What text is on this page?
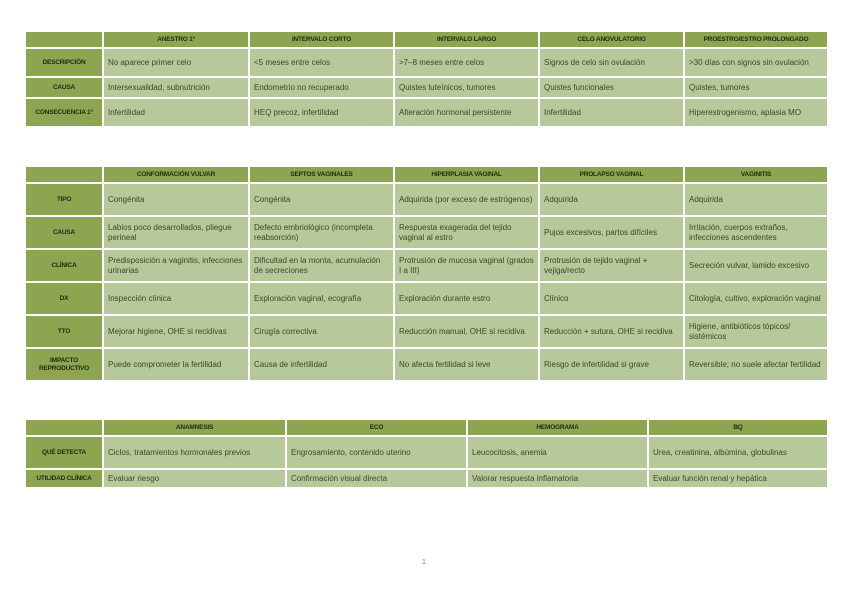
	ANESTRO 1º	INTERVALO CORTO	INTERVALO LARGO	CELO ANOVULATORIO	PROESTRO/ESTRO PROLONGADO
DESCRIPCIÓN	No aparece primer celo	<5 meses entre celos	>7–8 meses entre celos	Signos de celo sin ovulación	>30 días con signos sin ovulación
CAUSA	Intersexualidad, subnutrición	Endometrio no recuperado	Quistes luteínicos, tumores	Quistes funcionales	Quistes, tumores
CONSECUENCIA 1º	Infertilidad	HEQ precoz, infertilidad	Alteración hormonal persistente	Infertilidad	Hiperestrogenismo, aplasia MO
	CONFORMACIÓN VULVAR	SEPTOS VAGINALES	HIPERPLASIA VAGINAL	PROLAPSO VAGINAL	VAGINITIS
TIPO	Congénita	Congénita	Adquirida (por exceso de estrógenos)	Adquirida	Adquirida
CAUSA	Labios poco desarrollados, pliegue perineal	Defecto embriológico (incompleta reabsorción)	Respuesta exagerada del tejido vaginal al estro	Pujos excesivos, partos difíciles	Irritación, cuerpos extraños, infecciones ascendentes
CLÍNICA	Predisposición a vaginitis, infecciones urinarias	Dificultad en la monta, acumulación de secreciones	Protrusión de mucosa vaginal (grados I a III)	Protrusión de tejido vaginal + vejiga/recto	Secreción vulvar, lamido excesivo
DX	Inspección clínica	Exploración vaginal, ecografía	Exploración durante estro	Clínico	Citología, cultivo, exploración vaginal
TTO	Mejorar higiene, OHE si recidivas	Cirugía correctiva	Reducción manual, OHE si recidiva	Reducción + sutura, OHE si recidiva	Higiene, antibióticos tópicos/ sistémicos
IMPACTO REPRODUCTIVO	Puede comprometer la fertilidad	Causa de infertilidad	No afecta fertilidad si leve	Riesgo de infertilidad si grave	Reversible; no suele afectar fertilidad
	ANAMNESIS	ECO	HEMOGRAMA	BQ
QUÉ DETECTA	Ciclos, tratamientos hormonales previos	Engrosamiento, contenido uterino	Leucocitosis, anemia	Urea, creatinina, albúmina, globulinas
UTILIDAD CLÍNICA	Evaluar riesgo	Confirmación visual directa	Valorar respuesta inflamatoria	Evaluar función renal y hepática
1
